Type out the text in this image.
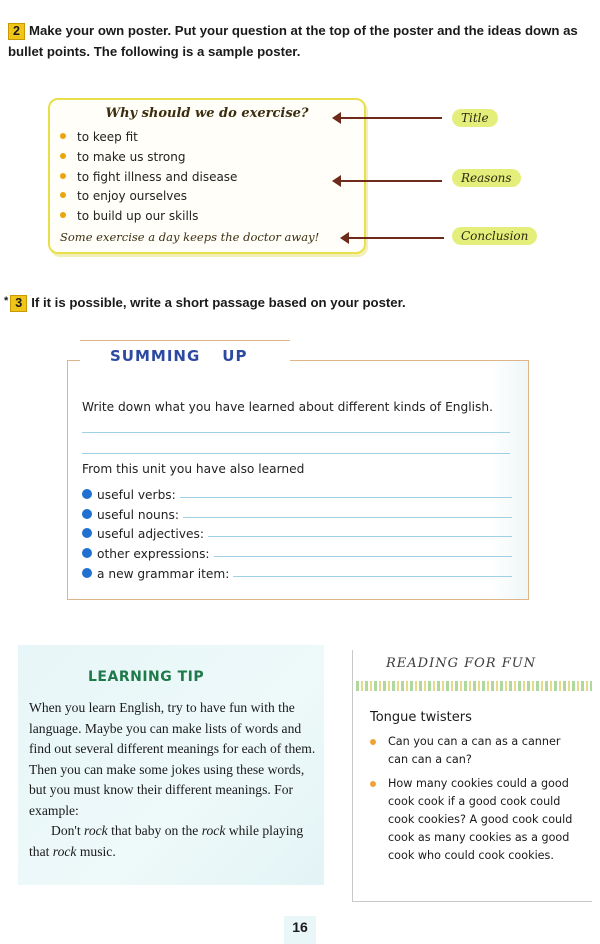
2 Make your own poster. Put your question at the top of the poster and the ideas down as bullet points. The following is a sample poster.
Why should we do exercise?
to keep fit
to make us strong
to fight illness and disease
to enjoy ourselves
to build up our skills
Some exercise a day keeps the doctor away!
Title
Reasons
Conclusion
* 3 If it is possible, write a short passage based on your poster.
SUMMING UP
Write down what you have learned about different kinds of English.
From this unit you have also learned
useful verbs:
useful nouns:
useful adjectives:
other expressions:
a new grammar item:
LEARNING TIP

When you learn English, try to have fun with the language. Maybe you can make lists of words and find out several different meanings for each of them. Then you can make some jokes using these words, but you must know their different meanings. For example:

Don't rock that baby on the rock while playing that rock music.

READING FOR FUN
Tongue twisters
Can you can a can as a canner can can a can?
How many cookies could a good cook cook if a good cook could cook cookies? A good cook could cook as many cookies as a good cook who could cook cookies.
16
